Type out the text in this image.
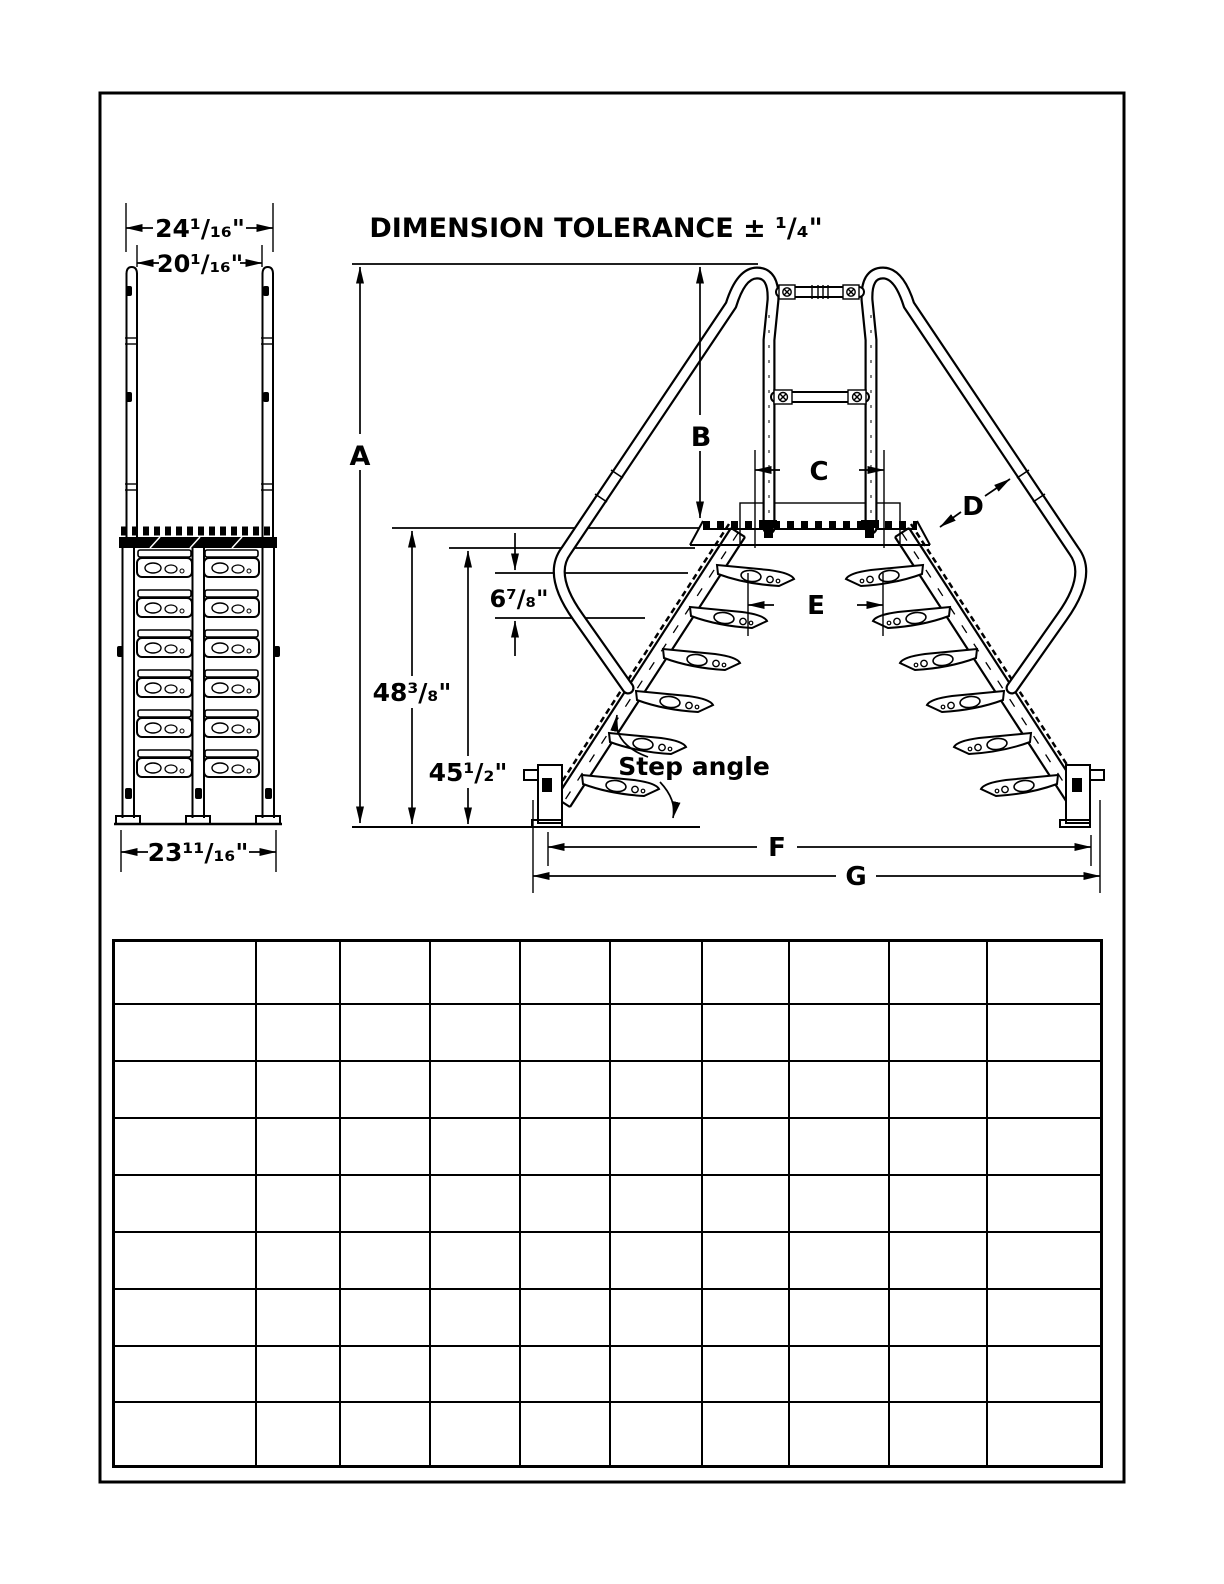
DIMENSION TOLERANCE ± ¹/₄"
24¹/₁₆"
20¹/₁₆"
23¹¹/₁₆"
A
B
C
D
E
F
G
6⁷/₈"
48³/₈"
45¹/₂"	Step angle
